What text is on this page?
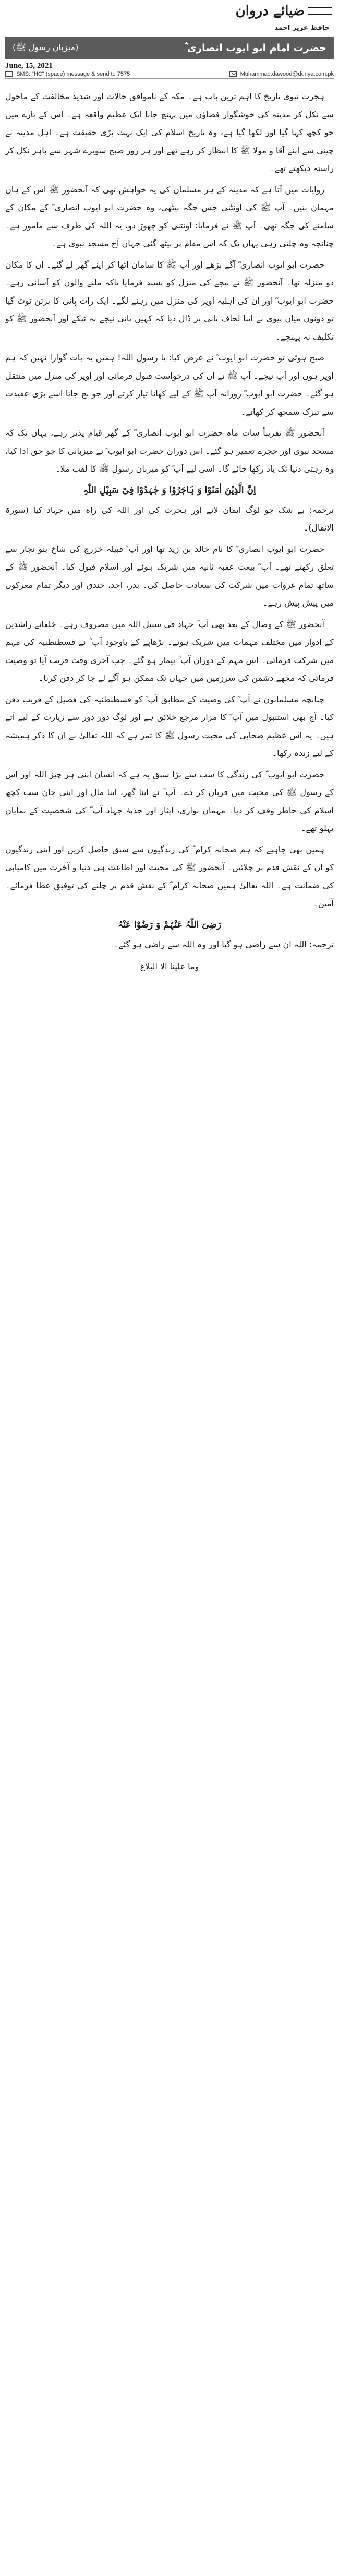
ضیائے دروان
حافظ عزیز احمد
حضرت امام ابو ایوب انصاری ؓ
(میزبان رسول ﷺ)
June, 15, 2021
SMS: "HC" (space) message & send to 7575	Muhammad.dawood@dunya.com.pk

ہجرت نبوی تاریخ کا اہم ترین باب ہے۔ مکہ کے ناموافق حالات اور شدید مخالفت کے ماحول سے نکل کر مدینہ کی خوشگوار فضاؤں میں پہنچ جانا ایک عظیم واقعہ ہے۔ اس کے بارے میں جو کچھ کہا گیا اور لکھا گیا ہے، وہ تاریخ اسلام کی ایک بہت بڑی حقیقت ہے۔ اہل مدینہ بے چینی سے اپنے آقا و مولا ﷺ کا انتظار کر رہے تھے اور ہر روز صبح سویرے شہر سے باہر نکل کر راستہ دیکھتے تھے۔

روایات میں آتا ہے کہ مدینہ کے ہر مسلمان کی یہ خواہش تھی کہ آنحضور ﷺ اس کے ہاں مہمان بنیں۔ آپ ﷺ کی اونٹنی جس جگہ بیٹھی، وہ حضرت ابو ایوب انصاری ؓ کے مکان کے سامنے کی جگہ تھی۔ آپ ﷺ نے فرمایا: اونٹنی کو چھوڑ دو، یہ اللہ کی طرف سے مامور ہے۔ چنانچہ وہ چلتی رہی یہاں تک کہ اس مقام پر بیٹھ گئی جہاں آج مسجد نبوی ہے۔

حضرت ابو ایوب انصاری ؓ آگے بڑھے اور آپ ﷺ کا سامان اٹھا کر اپنے گھر لے گئے۔ ان کا مکان دو منزلہ تھا۔ آنحضور ﷺ نے نیچے کی منزل کو پسند فرمایا تاکہ ملنے والوں کو آسانی رہے۔ حضرت ابو ایوب ؓ اور ان کی اہلیہ اوپر کی منزل میں رہنے لگے۔ ایک رات پانی کا برتن ٹوٹ گیا تو دونوں میاں بیوی نے اپنا لحاف پانی پر ڈال دیا کہ کہیں پانی نیچے نہ ٹپکے اور آنحضور ﷺ کو تکلیف نہ پہنچے۔

صبح ہوئی تو حضرت ابو ایوب ؓ نے عرض کیا: یا رسول اللہ! ہمیں یہ بات گوارا نہیں کہ ہم اوپر ہوں اور آپ نیچے۔ آپ ﷺ نے ان کی درخواست قبول فرمائی اور اوپر کی منزل میں منتقل ہو گئے۔ حضرت ابو ایوب ؓ روزانہ آپ ﷺ کے لیے کھانا تیار کرتے اور جو بچ جاتا اسے بڑی عقیدت سے تبرک سمجھ کر کھاتے۔

آنحضور ﷺ تقریباً سات ماہ حضرت ابو ایوب انصاری ؓ کے گھر قیام پذیر رہے، یہاں تک کہ مسجد نبوی اور حجرے تعمیر ہو گئے۔ اس دوران حضرت ابو ایوب ؓ نے میزبانی کا جو حق ادا کیا، وہ رہتی دنیا تک یاد رکھا جائے گا۔ اسی لیے آپ ؓ کو میزبان رسول ﷺ کا لقب ملا۔

اِنَّ الَّذِیْنَ اٰمَنُوْا وَ ہَاجَرُوْا وَ جٰہَدُوْا فِیْ سَبِیْلِ اللّٰہِ
ترجمہ: بے شک جو لوگ ایمان لائے اور ہجرت کی اور اللہ کی راہ میں جہاد کیا (سورۃ الانفال)۔

حضرت ابو ایوب انصاری ؓ کا نام خالد بن زید تھا اور آپ ؓ قبیلہ خزرج کی شاخ بنو نجار سے تعلق رکھتے تھے۔ آپ ؓ بیعت عقبہ ثانیہ میں شریک ہوئے اور اسلام قبول کیا۔ آنحضور ﷺ کے ساتھ تمام غزوات میں شرکت کی سعادت حاصل کی۔ بدر، احد، خندق اور دیگر تمام معرکوں میں پیش پیش رہے۔

آنحضور ﷺ کے وصال کے بعد بھی آپ ؓ جہاد فی سبیل اللہ میں مصروف رہے۔ خلفائے راشدین کے ادوار میں مختلف مہمات میں شریک ہوئے۔ بڑھاپے کے باوجود آپ ؓ نے قسطنطنیہ کی مہم میں شرکت فرمائی۔ اس مہم کے دوران آپ ؓ بیمار ہو گئے۔ جب آخری وقت قریب آیا تو وصیت فرمائی کہ مجھے دشمن کی سرزمین میں جہاں تک ممکن ہو آگے لے جا کر دفن کرنا۔

چنانچہ مسلمانوں نے آپ ؓ کی وصیت کے مطابق آپ ؓ کو قسطنطنیہ کی فصیل کے قریب دفن کیا۔ آج بھی استنبول میں آپ ؓ کا مزار مرجع خلائق ہے اور لوگ دور دور سے زیارت کے لیے آتے ہیں۔ یہ اس عظیم صحابی کی محبت رسول ﷺ کا ثمر ہے کہ اللہ تعالیٰ نے ان کا ذکر ہمیشہ کے لیے زندہ رکھا۔

حضرت ابو ایوب ؓ کی زندگی کا سب سے بڑا سبق یہ ہے کہ انسان اپنی ہر چیز اللہ اور اس کے رسول ﷺ کی محبت میں قربان کر دے۔ آپ ؓ نے اپنا گھر، اپنا مال اور اپنی جان سب کچھ اسلام کی خاطر وقف کر دیا۔ مہمان نوازی، ایثار اور جذبۂ جہاد آپ ؓ کی شخصیت کے نمایاں پہلو تھے۔

ہمیں بھی چاہیے کہ ہم صحابہ کرام ؓ کی زندگیوں سے سبق حاصل کریں اور اپنی زندگیوں کو ان کے نقش قدم پر چلائیں۔ آنحضور ﷺ کی محبت اور اطاعت ہی دنیا و آخرت میں کامیابی کی ضمانت ہے۔ اللہ تعالیٰ ہمیں صحابہ کرام ؓ کے نقش قدم پر چلنے کی توفیق عطا فرمائے۔ آمین۔

رَضِیَ اللّٰہُ عَنْہُمْ وَ رَضُوْا عَنْہُ
ترجمہ: اللہ ان سے راضی ہو گیا اور وہ اللہ سے راضی ہو گئے۔
وما علینا الا البلاغ
